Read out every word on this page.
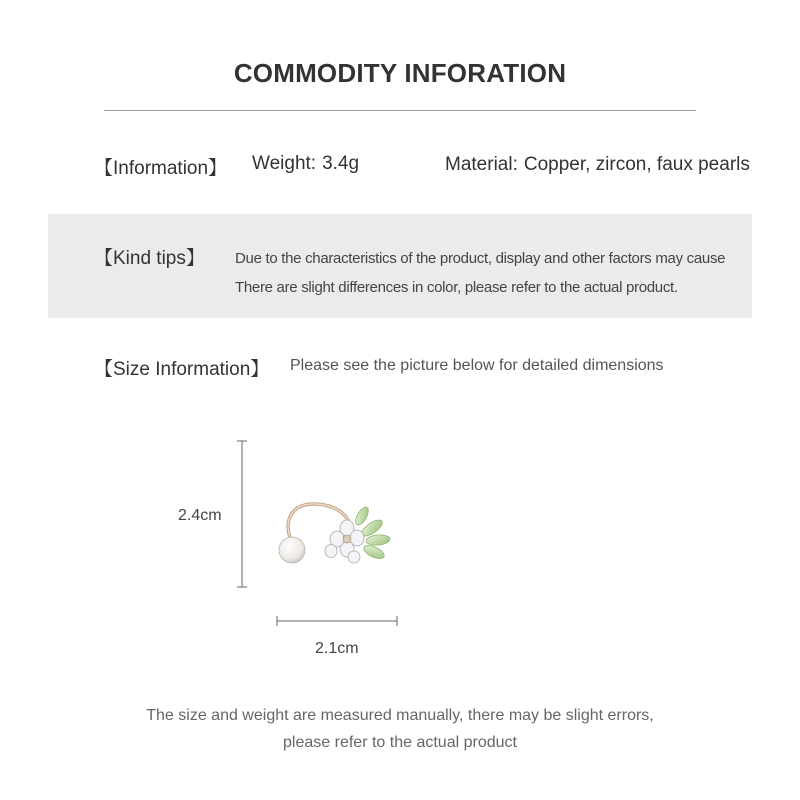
COMMODITY INFORATION
【Information】 Weight: 3.4g	Material: Copper, zircon, faux pearls
【Kind tips】 Due to the characteristics of the product, display and other factors may cause
There are slight differences in color, please refer to the actual product.
【Size Information】 Please see the picture below for detailed dimensions
2.4cm
2.1cm
The size and weight are measured manually, there may be slight errors,
please refer to the actual product
